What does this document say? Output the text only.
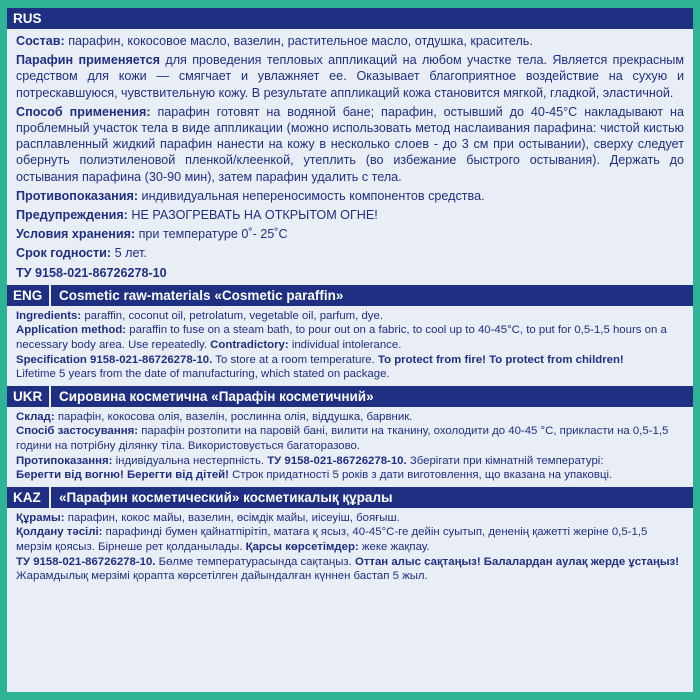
RUS

Состав: парафин, кокосовое масло, вазелин, растительное масло, отдушка, краситель.

Парафин применяется для проведения тепловых аппликаций на любом участке тела. Является прекрасным средством для кожи — смягчает и увлажняет ее. Оказывает благоприятное воздействие на сухую и потрескавшуюся, чувствительную кожу. В результате аппликаций кожа становится мягкой, гладкой, эластичной.

Способ применения: парафин готовят на водяной бане; парафин, остывший до 40-45°С накладывают на проблемный участок тела в виде аппликации (можно использовать метод наслаивания парафина: чистой кистью расплавленный жидкий парафин нанести на кожу в несколько слоев - до 3 см при остывании), сверху следует обернуть полиэтиленовой пленкой/клеенкой, утеплить (во избежание быстрого остывания). Держать до остывания парафина (30-90 мин), затем парафин удалить с тела.

Противопоказания: индивидуальная непереносимость компонентов средства.

Предупреждения: НЕ РАЗОГРЕВАТЬ НА ОТКРЫТОМ ОГНЕ!

Условия хранения: при температуре 0˚- 25˚С

Срок годности: 5 лет.

ТУ 9158-021-86726278-10

ENG	Cosmetic raw-materials «Cosmetic paraffin»

Ingredients: paraffin, coconut oil, petrolatum, vegetable oil, parfum, dye.

Application method: paraffin to fuse on a steam bath, to pour out on a fabric, to cool up to 40-45°C, to put for 0,5-1,5 hours on a necessary body area. Use repeatedly. Contradictory: individual intolerance.

Specification 9158-021-86726278-10. To store at a room temperature. To protect from fire! To protect from children!

Lifetime 5 years from the date of manufacturing, which stated on package.

UKR	Сировина косметична «Парафін косметичний»

Склад: парафін, кокосова олія, вазелін, рослинна олія, віддушка, барвник.

Спосіб застосування: парафін розтопити на паровій бані, вилити на тканину, охолодити до 40-45 °С, прикласти на 0,5-1,5 години на потрібну ділянку тіла. Використовується багаторазово.

Протипоказання: індивідуальна нестерпність. ТУ 9158-021-86726278-10. Зберігати при кімнатній температурі:

Берегти від вогню! Берегти від дітей! Строк придатності 5 років з дати виготовлення, що вказана на упаковці.

KAZ	«Парафин косметический» косметикалық құралы

Құрамы: парафин, кокос майы, вазелин, өсімдік майы, иісеуіш, бояғыш.

Қолдану тәсілі: парафинді бумен қайнатпірітіп, матаға қ ясыз, 40-45°С-ге дейін суытып, дененің қажетті жеріне 0,5-1,5 мерзім қоясыз. Бірнеше рет қолданылады. Қарсы көрсетімдер: жеке жақпау.

ТУ 9158-021-86726278-10. Бөлме температурасында сақтаңыз. Оттан алыс сақтаңыз! Балалардан аулақ жерде ұстаңыз! Жарамдылық мерзімі қорапта көрсетілген дайындалған күннен бастап 5 жыл.
